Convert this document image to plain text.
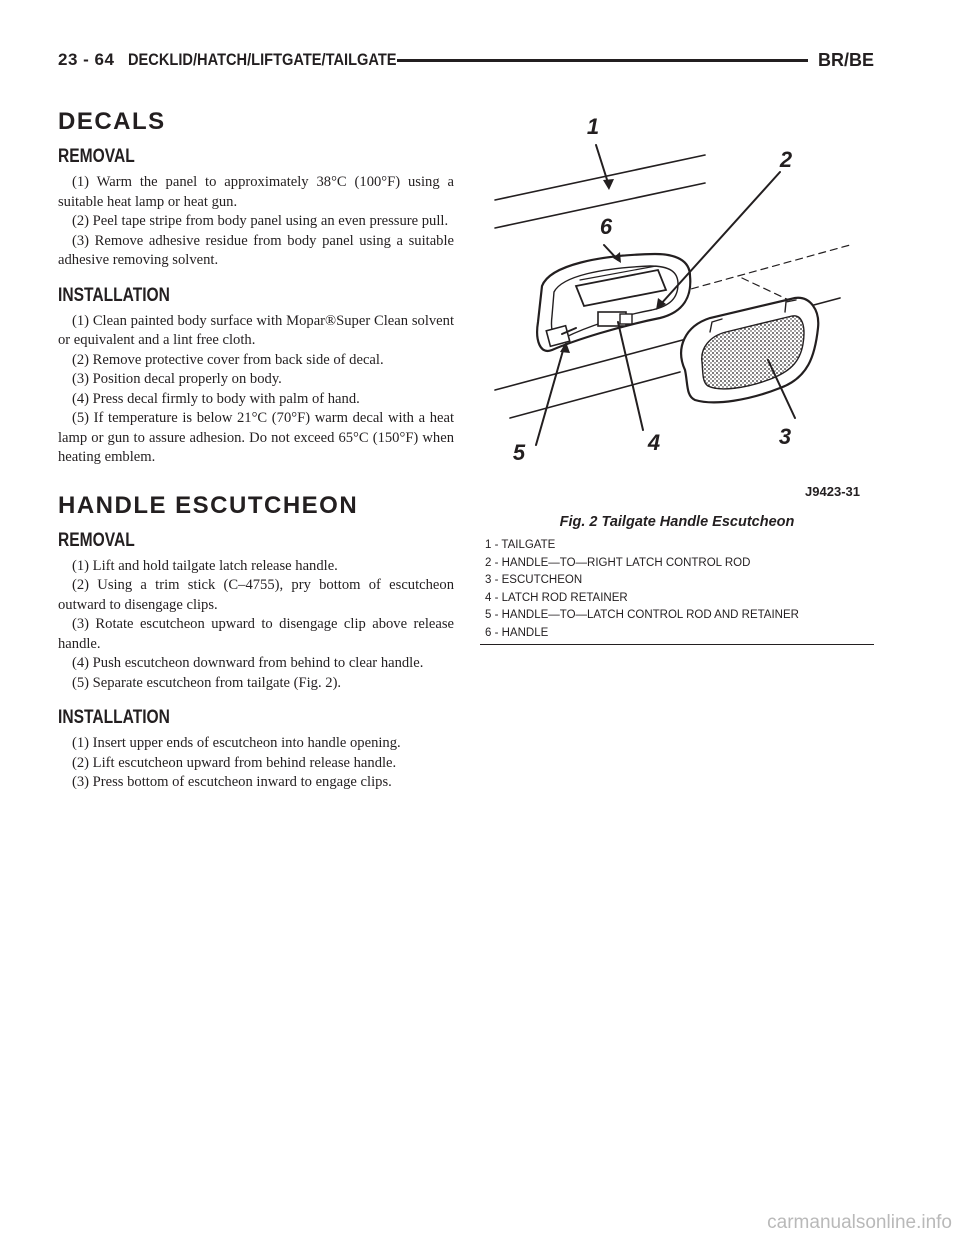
23 - 64 DECKLID/HATCH/LIFTGATE/TAILGATE	BR/BE
DECALS
REMOVAL

(1) Warm the panel to approximately 38°C (100°F) using a suitable heat lamp or heat gun.

(2) Peel tape stripe from body panel using an even pressure pull.

(3) Remove adhesive residue from body panel using a suitable adhesive removing solvent.

INSTALLATION

(1) Clean painted body surface with Mopar®Super Clean solvent or equivalent and a lint free cloth.

(2) Remove protective cover from back side of decal.

(3) Position decal properly on body.

(4) Press decal firmly to body with palm of hand.

(5) If temperature is below 21°C (70°F) warm decal with a heat lamp or gun to assure adhesion. Do not exceed 65°C (150°F) when heating emblem.

HANDLE ESCUTCHEON
REMOVAL

(1) Lift and hold tailgate latch release handle.

(2) Using a trim stick (C–4755), pry bottom of escutcheon outward to disengage clips.

(3) Rotate escutcheon upward to disengage clip above release handle.

(4) Push escutcheon downward from behind to clear handle.

(5) Separate escutcheon from tailgate (Fig. 2).

INSTALLATION

(1) Insert upper ends of escutcheon into handle opening.

(2) Lift escutcheon upward from behind release handle.

(3) Press bottom of escutcheon inward to engage clips.

1
2
3
4
5
6
J9423-31
Fig. 2 Tailgate Handle Escutcheon
1 - TAILGATE
2 - HANDLE—TO—RIGHT LATCH CONTROL ROD
3 - ESCUTCHEON
4 - LATCH ROD RETAINER
5 - HANDLE—TO—LATCH CONTROL ROD AND RETAINER
6 - HANDLE
carmanualsonline.info
